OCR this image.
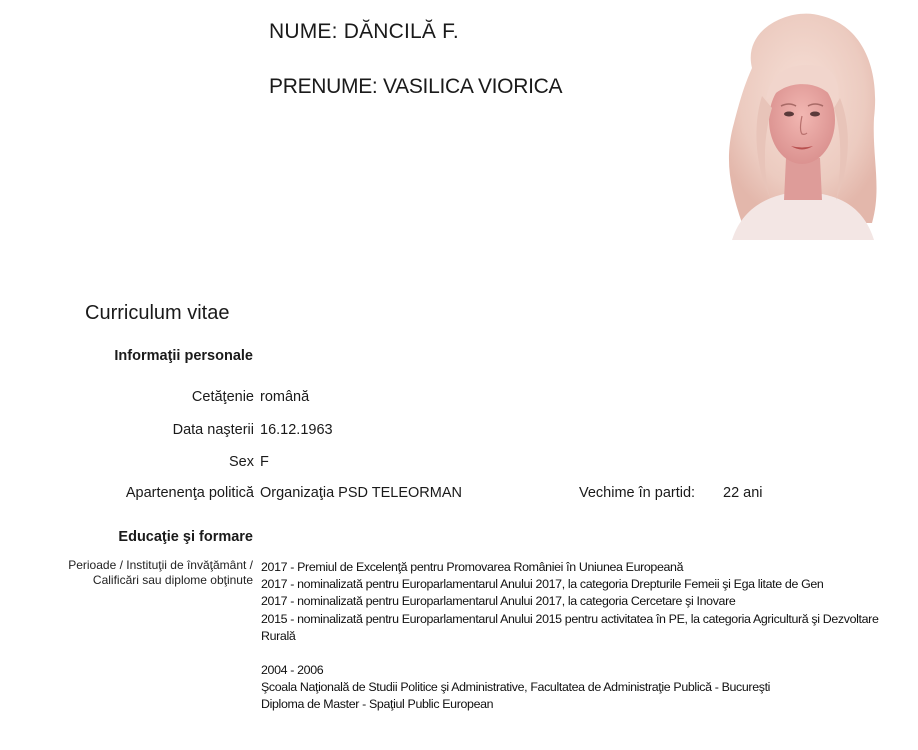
NUME: DĂNCILĂ F.
PRENUME: VASILICA VIORICA
Curriculum vitae
Informaţii personale
Cetăţenie română
Data naşterii 16.12.1963
Sex F
Apartenenţa politică Organizaţia PSD TELEORMAN	Vechime în partid: 22 ani
Educaţie şi formare
Perioade / Instituţii de învăţământ /
Calificări sau diplome obţinute
2017 - Premiul de Excelenţă pentru Promovarea României în Uniunea Europeană
2017 - nominalizată pentru Europarlamentarul Anului 2017, la categoria Drepturile Femeii şi Ega litate de Gen
2017 - nominalizată pentru Europarlamentarul Anului 2017, la categoria Cercetare şi Inovare
2015 - nominalizată pentru Europarlamentarul Anului 2015 pentru activitatea în PE, la categoria Agricultură şi Dezvoltare Rurală
2004 - 2006
Şcoala Naţională de Studii Politice şi Administrative, Facultatea de Administraţie Publică - Bucureşti
Diploma de Master - Spaţiul Public European
